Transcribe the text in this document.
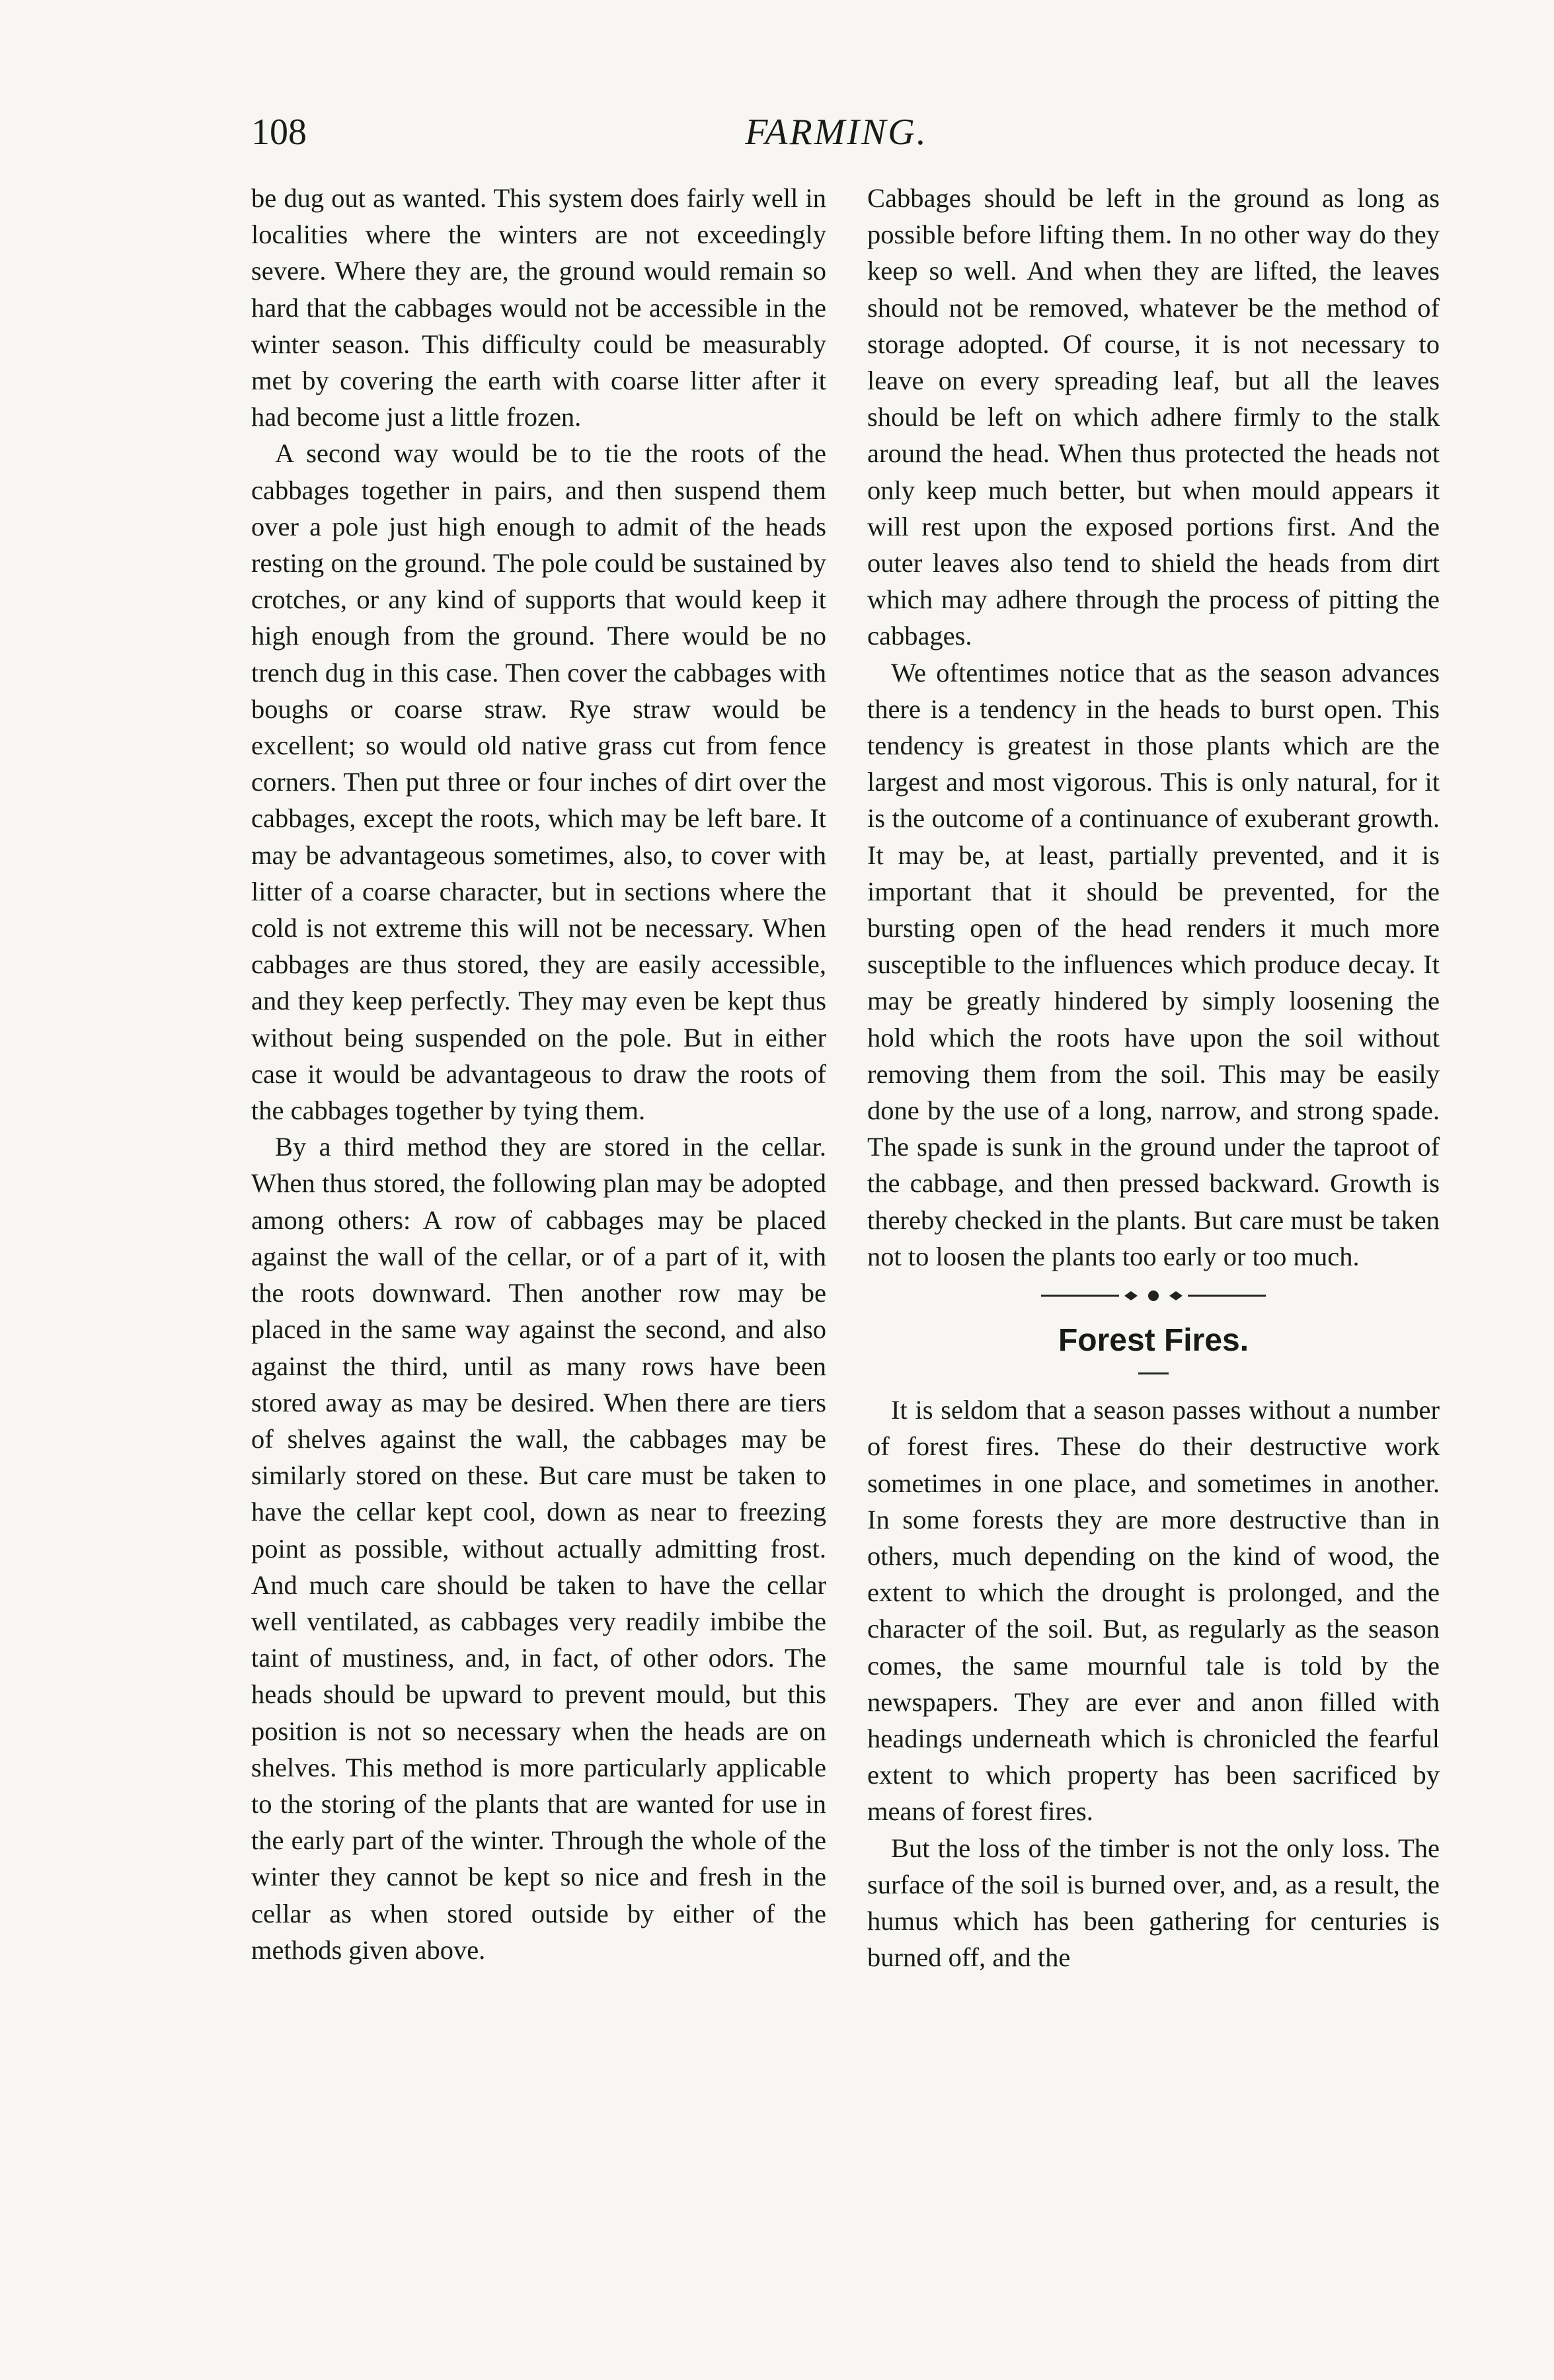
108	FARMING.

be dug out as wanted. This system does fairly well in localities where the winters are not exceedingly severe. Where they are, the ground would remain so hard that the cabbages would not be accessible in the winter season. This difficulty could be measurably met by covering the earth with coarse litter after it had become just a little frozen.

A second way would be to tie the roots of the cabbages together in pairs, and then suspend them over a pole just high enough to admit of the heads resting on the ground. The pole could be sustained by crotches, or any kind of supports that would keep it high enough from the ground. There would be no trench dug in this case. Then cover the cabbages with boughs or coarse straw. Rye straw would be excellent; so would old native grass cut from fence corners. Then put three or four inches of dirt over the cabbages, except the roots, which may be left bare. It may be advantageous sometimes, also, to cover with litter of a coarse character, but in sections where the cold is not extreme this will not be necessary. When cabbages are thus stored, they are easily accessible, and they keep perfectly. They may even be kept thus without being suspended on the pole. But in either case it would be advantageous to draw the roots of the cabbages together by tying them.

By a third method they are stored in the cellar. When thus stored, the following plan may be adopted among others: A row of cabbages may be placed against the wall of the cellar, or of a part of it, with the roots downward. Then another row may be placed in the same way against the second, and also against the third, until as many rows have been stored away as may be desired. When there are tiers of shelves against the wall, the cabbages may be similarly stored on these. But care must be taken to have the cellar kept cool, down as near to freezing point as possible, without actually admitting frost. And much care should be taken to have the cellar well ventilated, as cabbages very readily imbibe the taint of mustiness, and, in fact, of other odors. The heads should be upward to prevent mould, but this position is not so necessary when the heads are on shelves. This method is more particularly applicable to the storing of the plants that are wanted for use in the early part of the winter. Through the whole of the winter they cannot be kept so nice and fresh in the cellar as when stored outside by either of the methods given above.

Cabbages should be left in the ground as long as possible before lifting them. In no other way do they keep so well. And when they are lifted, the leaves should not be removed, whatever be the method of storage adopted. Of course, it is not necessary to leave on every spreading leaf, but all the leaves should be left on which adhere firmly to the stalk around the head. When thus protected the heads not only keep much better, but when mould appears it will rest upon the exposed portions first. And the outer leaves also tend to shield the heads from dirt which may adhere through the process of pitting the cabbages.

We oftentimes notice that as the season advances there is a tendency in the heads to burst open. This tendency is greatest in those plants which are the largest and most vigorous. This is only natural, for it is the outcome of a continuance of exuberant growth. It may be, at least, partially prevented, and it is important that it should be prevented, for the bursting open of the head renders it much more susceptible to the influences which produce decay. It may be greatly hindered by simply loosening the hold which the roots have upon the soil without removing them from the soil. This may be easily done by the use of a long, narrow, and strong spade. The spade is sunk in the ground under the taproot of the cabbage, and then pressed backward. Growth is thereby checked in the plants. But care must be taken not to loosen the plants too early or too much.

Forest Fires.

It is seldom that a season passes without a number of forest fires. These do their destructive work sometimes in one place, and sometimes in another. In some forests they are more destructive than in others, much depending on the kind of wood, the extent to which the drought is prolonged, and the character of the soil. But, as regularly as the season comes, the same mournful tale is told by the newspapers. They are ever and anon filled with headings underneath which is chronicled the fearful extent to which property has been sacrificed by means of forest fires.

But the loss of the timber is not the only loss. The surface of the soil is burned over, and, as a result, the humus which has been gathering for centuries is burned off, and the
